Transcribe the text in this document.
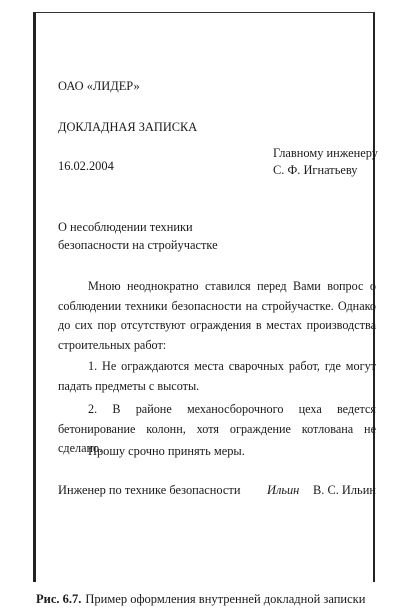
ОАО «ЛИДЕР»
ДОКЛАДНАЯ ЗАПИСКА
16.02.2004
Главному инженеру
С. Ф. Игнатьеву
О несоблюдении техники
безопасности на стройучастке
Мною неоднократно ставился перед Вами вопрос о соблюдении техники безопасности на стройучастке. Однако до сих пор отсутствуют ограждения в местах производства строительных работ:
1. Не ограждаются места сварочных работ, где могут падать предметы с высоты.
2. В районе механосборочного цеха ведется бетонирование колонн, хотя ограждение котлована не сделано.
Прошу срочно принять меры.
Инженер по технике безопасности Ильин В. С. Ильин
Рис. 6.7. Пример оформления внутренней докладной записки
